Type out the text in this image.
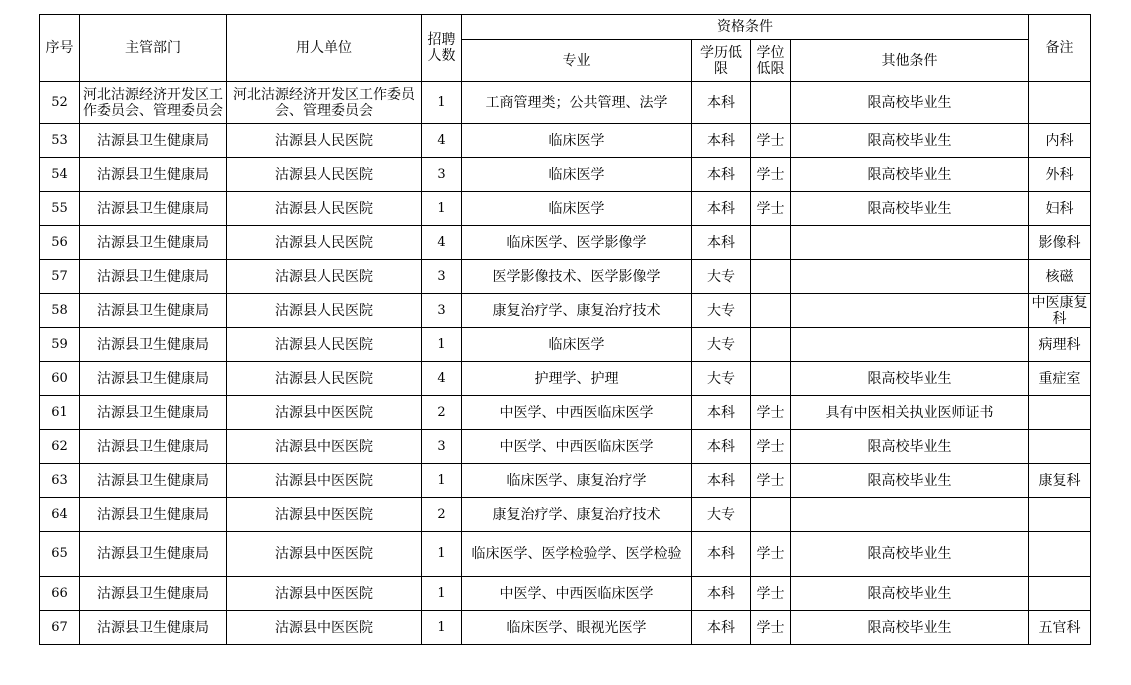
序号	主管部门	用人单位	招聘人数	资格条件				备注
				专业	学历低限	学位低限	其他条件	
52	河北沽源经济开发区工作委员会、管理委员会	河北沽源经济开发区工作委员会、管理委员会	1	工商管理类；公共管理、法学	本科		限高校毕业生	

53	沽源县卫生健康局	沽源县人民医院	4	临床医学	本科	学士	限高校毕业生	内科

54	沽源县卫生健康局	沽源县人民医院	3	临床医学	本科	学士	限高校毕业生	外科

55	沽源县卫生健康局	沽源县人民医院	1	临床医学	本科	学士	限高校毕业生	妇科

56	沽源县卫生健康局	沽源县人民医院	4	临床医学、医学影像学	本科			影像科

57	沽源县卫生健康局	沽源县人民医院	3	医学影像技术、医学影像学	大专			核磁

58	沽源县卫生健康局	沽源县人民医院	3	康复治疗学、康复治疗技术	大专			中医康复科

59	沽源县卫生健康局	沽源县人民医院	1	临床医学	大专			病理科

60	沽源县卫生健康局	沽源县人民医院	4	护理学、护理	大专		限高校毕业生	重症室

61	沽源县卫生健康局	沽源县中医医院	2	中医学、中西医临床医学	本科	学士	具有中医相关执业医师证书	

62	沽源县卫生健康局	沽源县中医医院	3	中医学、中西医临床医学	本科	学士	限高校毕业生	

63	沽源县卫生健康局	沽源县中医医院	1	临床医学、康复治疗学	本科	学士	限高校毕业生	康复科

64	沽源县卫生健康局	沽源县中医医院	2	康复治疗学、康复治疗技术	大专			

65	沽源县卫生健康局	沽源县中医医院	1	临床医学、医学检验学、医学检验	本科	学士	限高校毕业生	

66	沽源县卫生健康局	沽源县中医医院	1	中医学、中西医临床医学	本科	学士	限高校毕业生	

67	沽源县卫生健康局	沽源县中医医院	1	临床医学、眼视光医学	本科	学士	限高校毕业生	五官科
